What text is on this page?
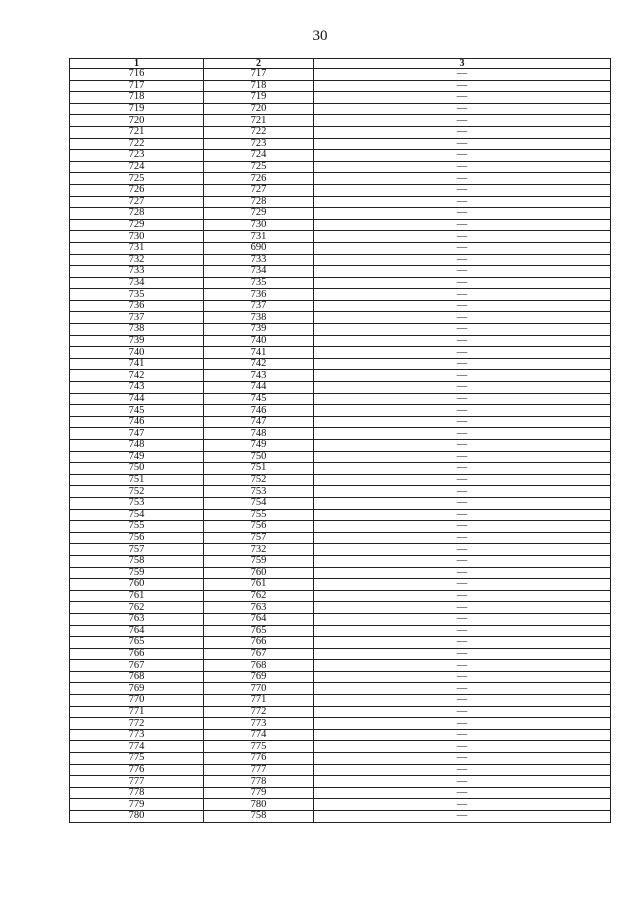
30
1	2	3
716	717	—
717	718	—
718	719	—
719	720	—
720	721	—
721	722	—
722	723	—
723	724	—
724	725	—
725	726	—
726	727	—
727	728	—
728	729	—
729	730	—
730	731	—
731	690	—
732	733	—
733	734	—
734	735	—
735	736	—
736	737	—
737	738	—
738	739	—
739	740	—
740	741	—
741	742	—
742	743	—
743	744	—
744	745	—
745	746	—
746	747	—
747	748	—
748	749	—
749	750	—
750	751	—
751	752	—
752	753	—
753	754	—
754	755	—
755	756	—
756	757	—
757	732	—
758	759	—
759	760	—
760	761	—
761	762	—
762	763	—
763	764	—
764	765	—
765	766	—
766	767	—
767	768	—
768	769	—
769	770	—
770	771	—
771	772	—
772	773	—
773	774	—
774	775	—
775	776	—
776	777	—
777	778	—
778	779	—
779	780	—
780	758	—
